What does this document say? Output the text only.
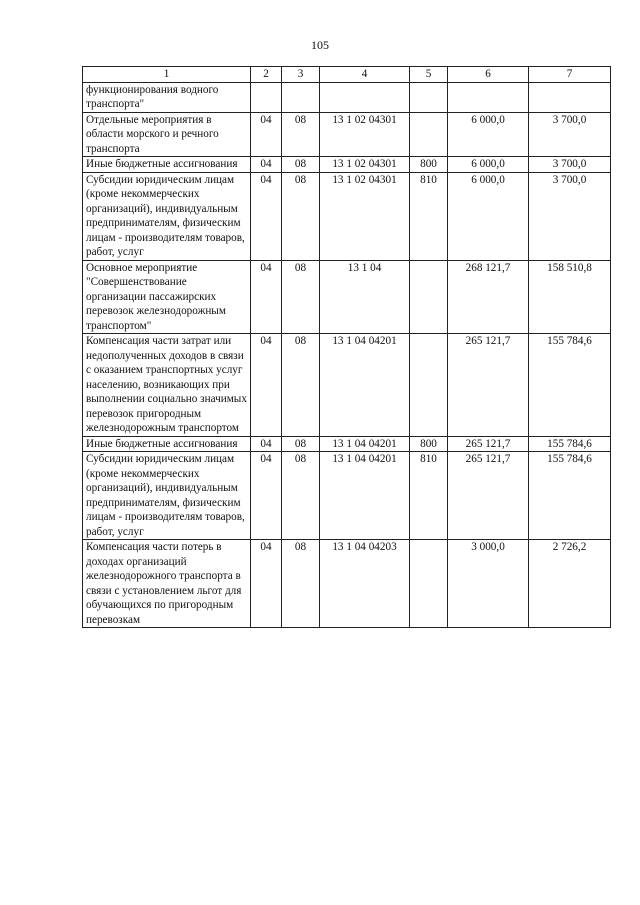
105
1	2	3	4	5	6	7
функционирования водного транспорта"						
Отдельные мероприятия в области морского и речного транспорта	04	08	13 1 02 04301		6 000,0	3 700,0
Иные бюджетные ассигнования	04	08	13 1 02 04301	800	6 000,0	3 700,0
Субсидии юридическим лицам (кроме некоммерческих организаций), индивидуальным предпринимателям, физическим лицам - производителям товаров, работ, услуг	04	08	13 1 02 04301	810	6 000,0	3 700,0
Основное мероприятие "Совершенствование организации пассажирских перевозок железнодорожным транспортом"	04	08	13 1 04		268 121,7	158 510,8
Компенсация части затрат или недополученных доходов в связи с оказанием транспортных услуг населению, возникающих при выполнении социально значимых перевозок пригородным железнодорожным транспортом	04	08	13 1 04 04201		265 121,7	155 784,6
Иные бюджетные ассигнования	04	08	13 1 04 04201	800	265 121,7	155 784,6
Субсидии юридическим лицам (кроме некоммерческих организаций), индивидуальным предпринимателям, физическим лицам - производителям товаров, работ, услуг	04	08	13 1 04 04201	810	265 121,7	155 784,6
Компенсация части потерь в доходах организаций железнодорожного транспорта в связи с установлением льгот для обучающихся по пригородным перевозкам	04	08	13 1 04 04203		3 000,0	2 726,2
